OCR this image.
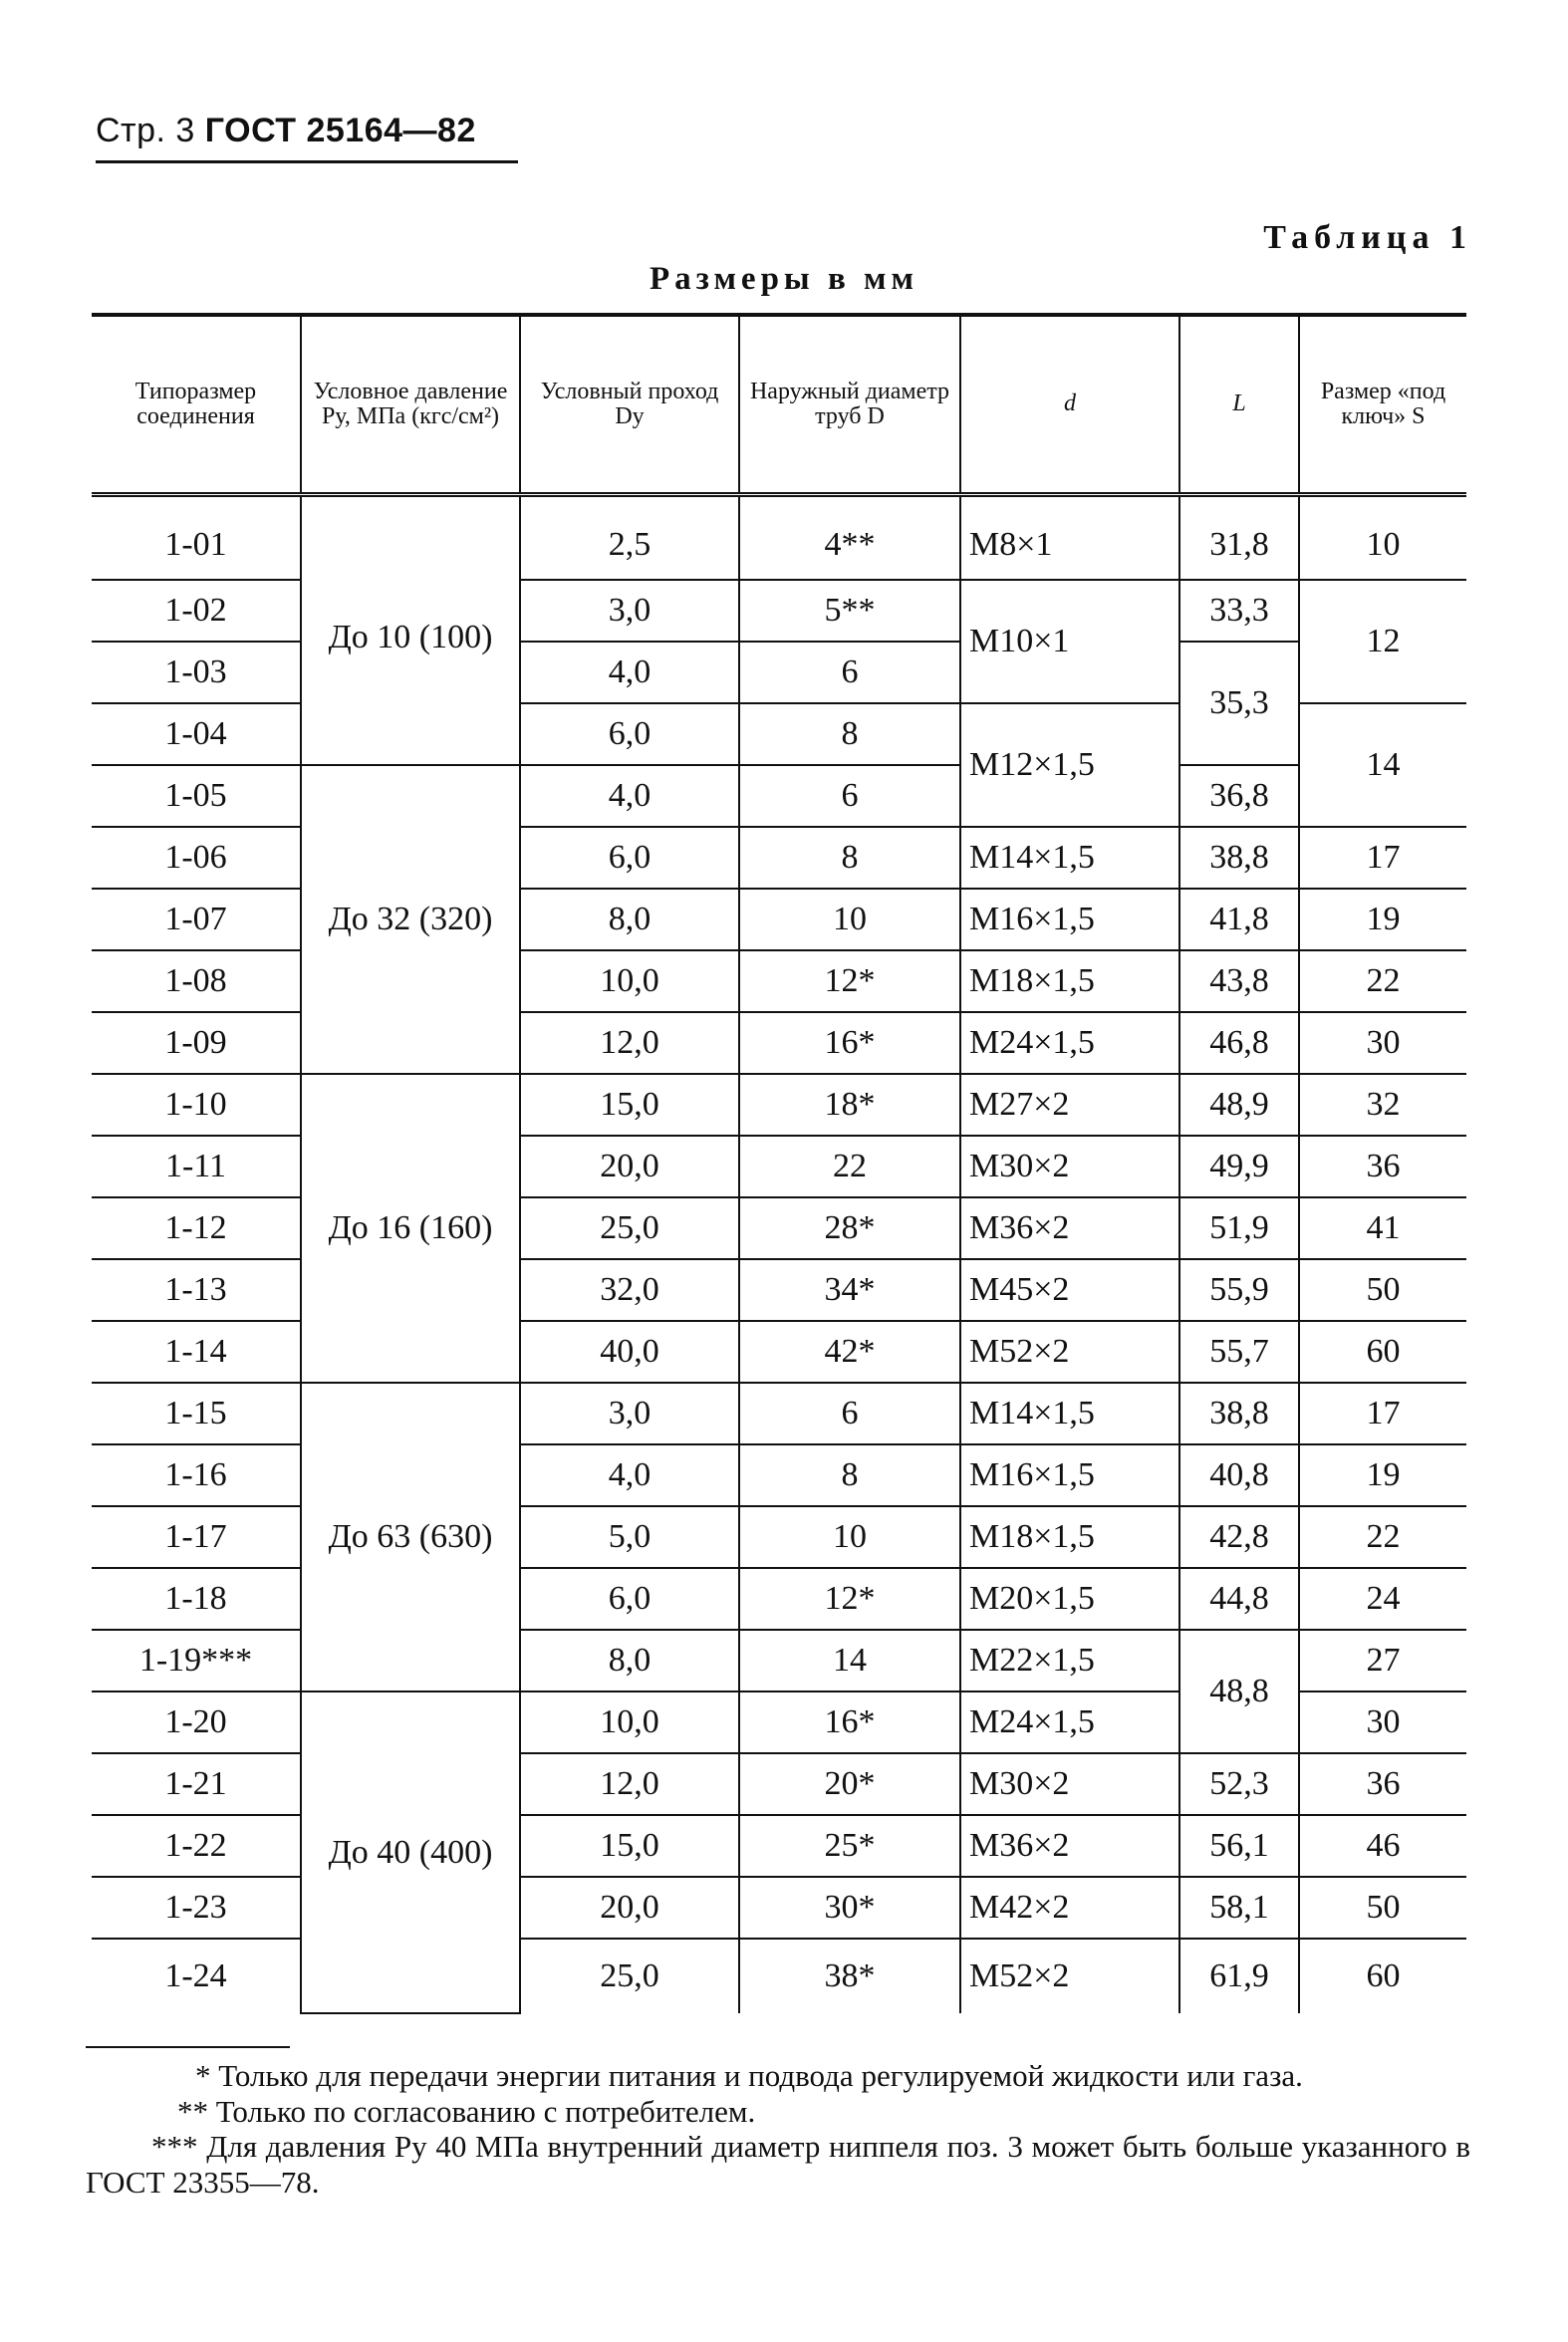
Стр. 3 ГОСТ 25164—82
Таблица 1
Размеры в мм
Типоразмер соединения	Условное давление Pу, МПа (кгс/см²)	Условный проход Dу	Наружный диаметр труб D	d	L	Размер «под ключ» S
1-01	До 10 (100)	2,5	4**	M8×1	31,8	10
1-02		3,0	5**	M10×1	33,3	12
1-03		4,0	6		35,3	
1-04		6,0	8	M12×1,5		14
1-05	До 32 (320)	4,0	6		36,8	
1-06		6,0	8	M14×1,5	38,8	17
1-07		8,0	10	M16×1,5	41,8	19
1-08		10,0	12*	M18×1,5	43,8	22
1-09		12,0	16*	M24×1,5	46,8	30
1-10	До 16 (160)	15,0	18*	M27×2	48,9	32
1-11		20,0	22	M30×2	49,9	36
1-12		25,0	28*	M36×2	51,9	41
1-13		32,0	34*	M45×2	55,9	50
1-14		40,0	42*	M52×2	55,7	60
1-15	До 63 (630)	3,0	6	M14×1,5	38,8	17
1-16		4,0	8	M16×1,5	40,8	19
1-17		5,0	10	M18×1,5	42,8	22
1-18		6,0	12*	M20×1,5	44,8	24
1-19***		8,0	14	M22×1,5	48,8	27
1-20	До 40 (400)	10,0	16*	M24×1,5		30
1-21		12,0	20*	M30×2	52,3	36
1-22		15,0	25*	M36×2	56,1	46
1-23		20,0	30*	M42×2	58,1	50
1-24		25,0	38*	M52×2	61,9	60

* Только для передачи энергии питания и подвода регулируемой жидкости или газа.

** Только по согласованию с потребителем.

*** Для давления Pу 40 МПа внутренний диаметр ниппеля поз. 3 может быть больше указанного в ГОСТ 23355—78.
